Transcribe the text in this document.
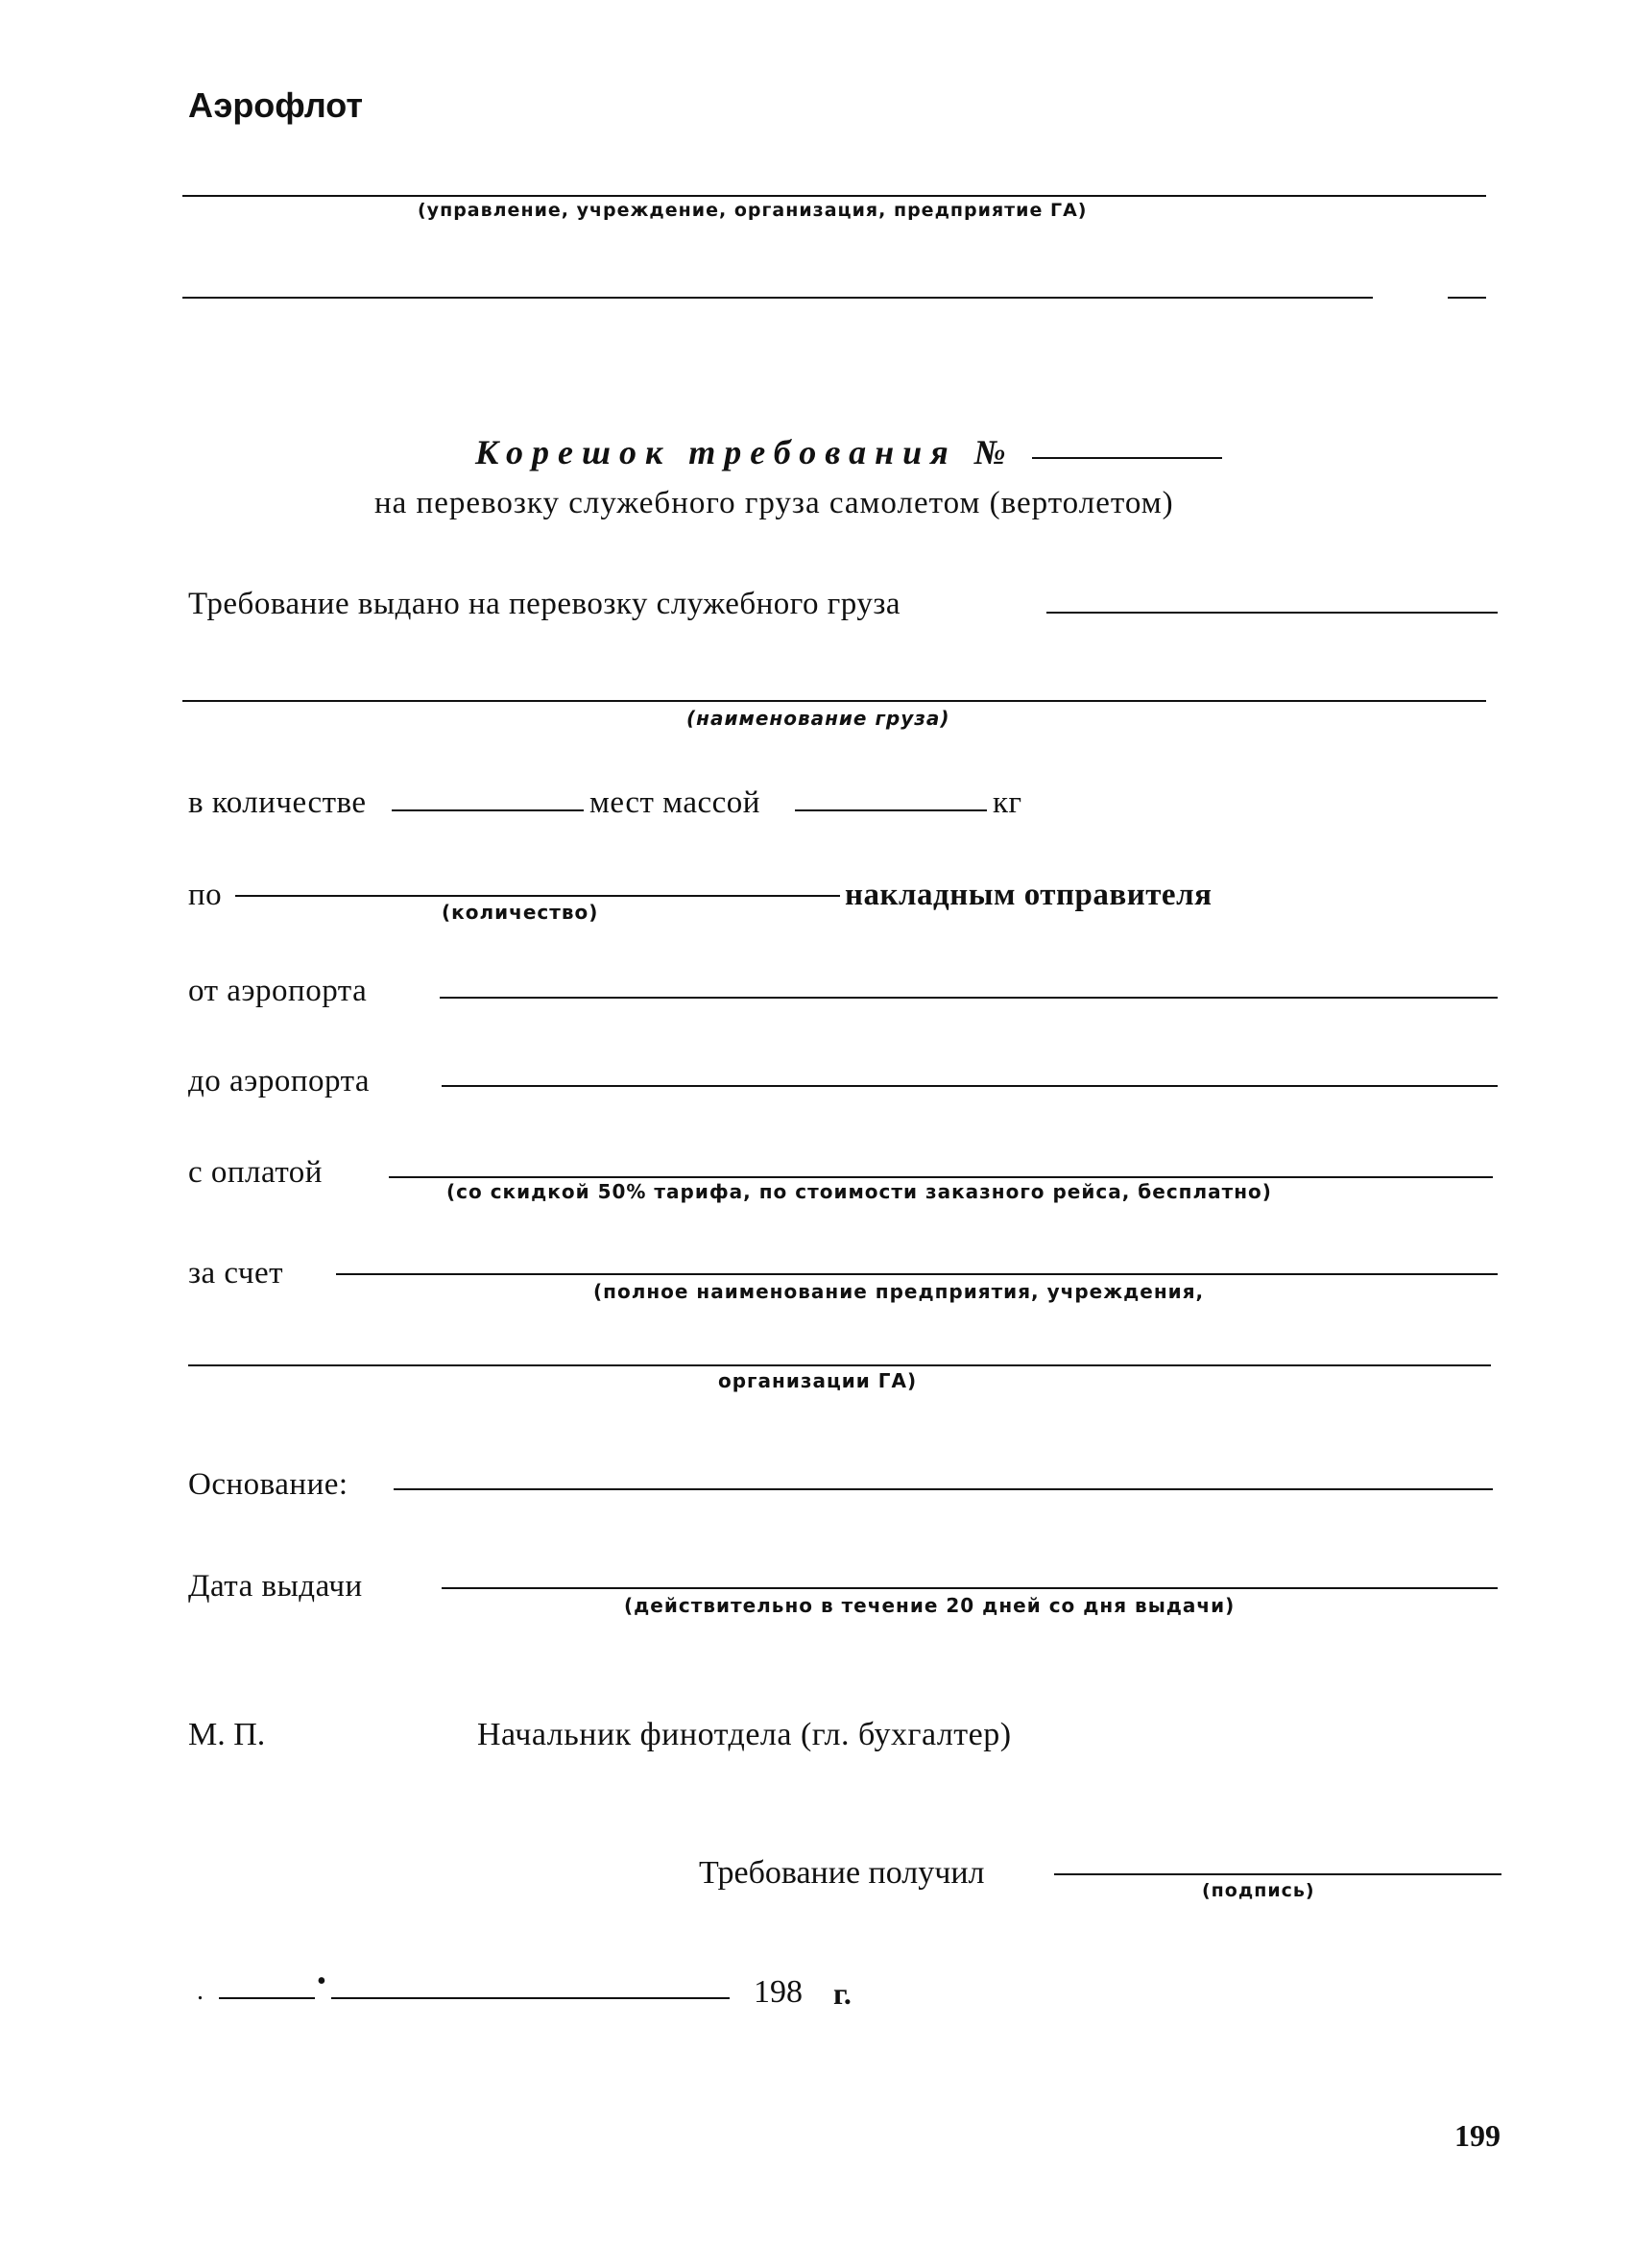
Аэрофлот
(управление, учреждение, организация, предприятие ГА)
Корешок требования №
на перевозку служебного груза самолетом (вертолетом)
Требование выдано на перевозку служебного груза
(наименование груза)
в количестве	мест массой	кг
по	(количество)	накладным отправителя
от аэропорта
до аэропорта
с оплатой
(со скидкой 50% тарифа, по стоимости заказного рейса, бесплатно)
за счет
(полное наименование предприятия, учреждения,
организации ГА)
Основание:
Дата выдачи
(действительно в течение 20 дней со дня выдачи)
М. П.	Начальник финотдела (гл. бухгалтер)
Требование получил	(подпись)
.	•	198 г.
199
